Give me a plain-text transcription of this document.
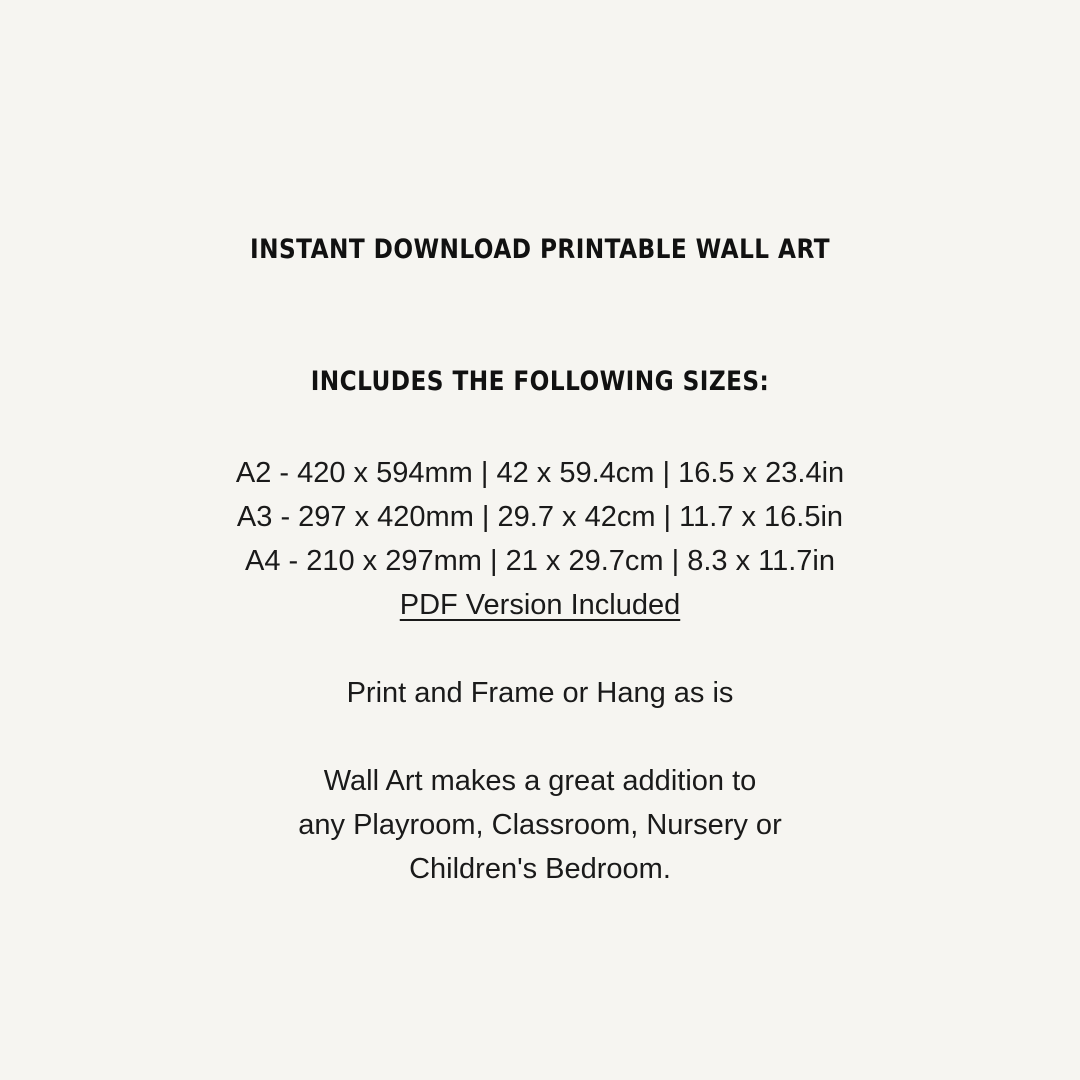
INSTANT DOWNLOAD PRINTABLE WALL ART
INCLUDES THE FOLLOWING SIZES:
A2 - 420 x 594mm | 42 x 59.4cm | 16.5 x 23.4in
A3 - 297 x 420mm | 29.7 x 42cm | 11.7 x 16.5in
A4 - 210 x 297mm | 21 x 29.7cm | 8.3 x 11.7in
PDF Version Included
Print and Frame or Hang as is
Wall Art makes a great addition to
any Playroom, Classroom, Nursery or
Children's Bedroom.
